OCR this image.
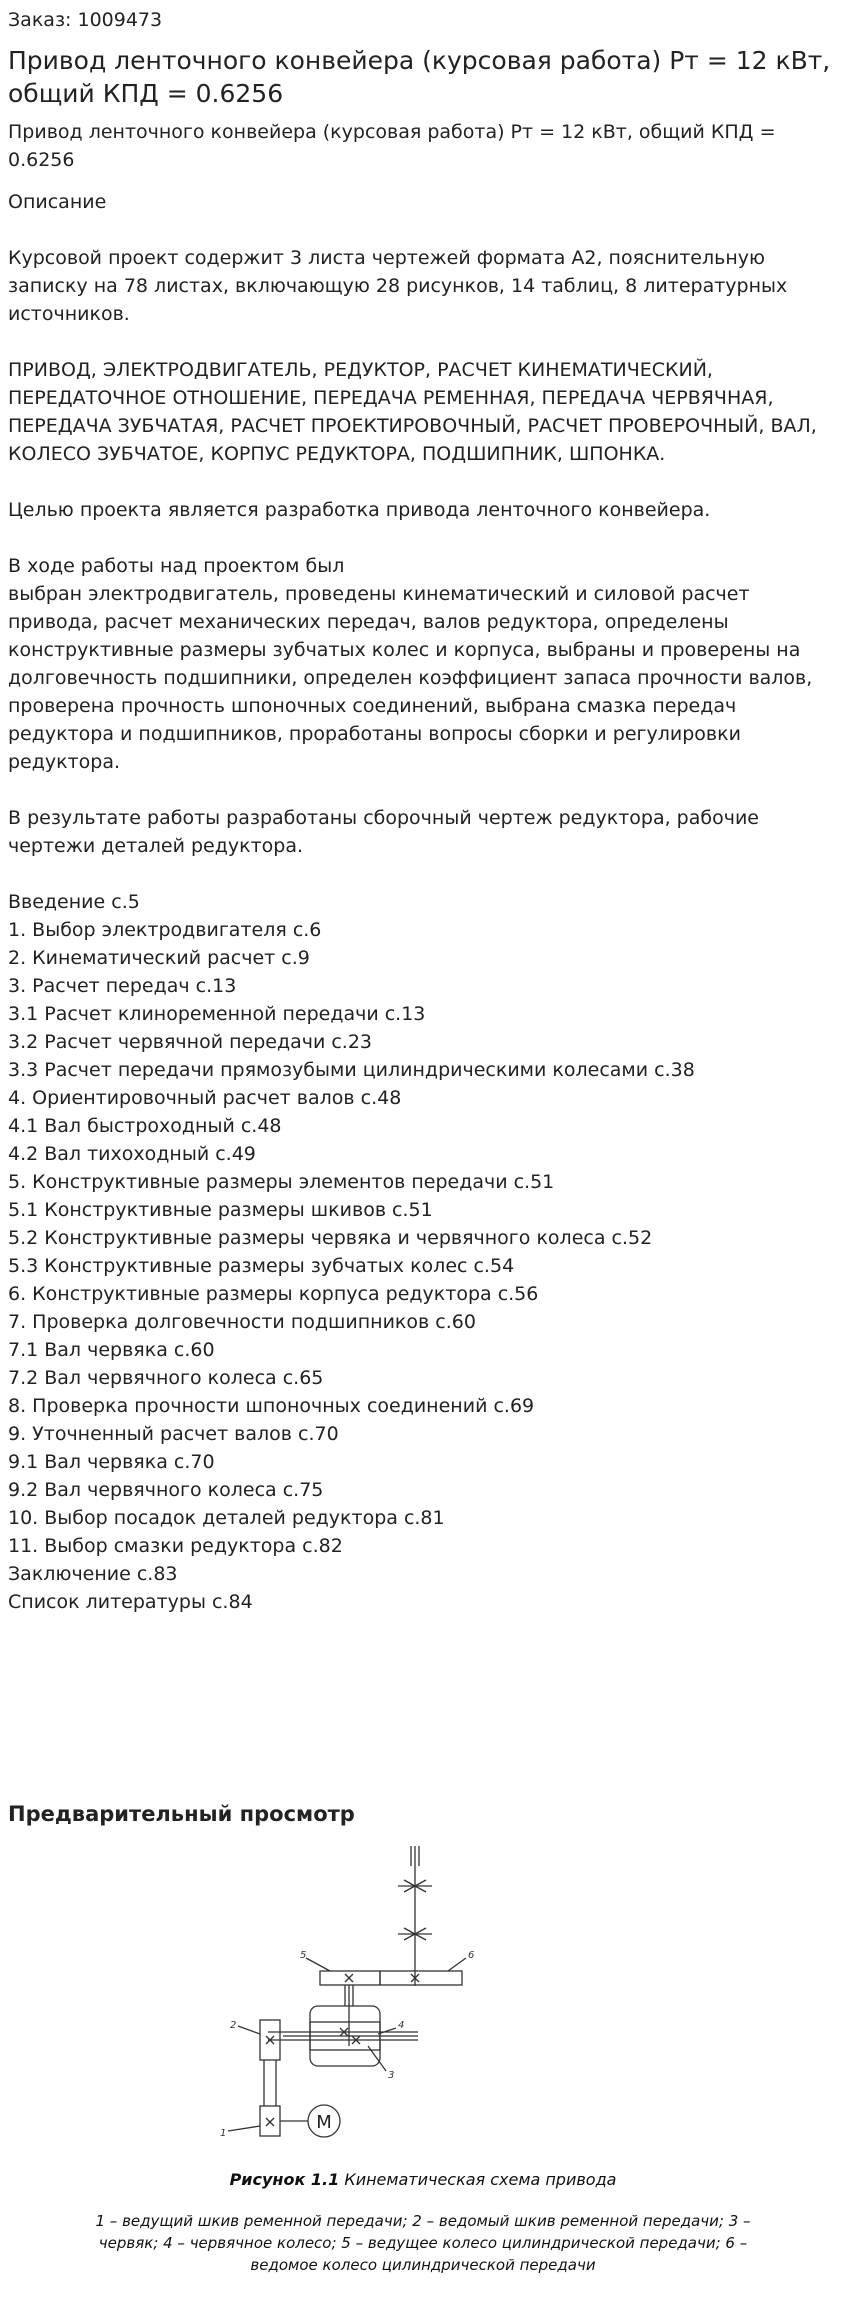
Заказ: 1009473
Привод ленточного конвейера (курсовая работа) Рт = 12 кВт, общий КПД = 0.6256
Привод ленточного конвейера (курсовая работа) Рт = 12 кВт, общий КПД = 0.6256
Описание

Курсовой проект содержит 3 листа чертежей формата А2, пояснительную записку на 78 листах, включающую 28 рисунков, 14 таблиц, 8 литературных источников.

ПРИВОД, ЭЛЕКТРОДВИГАТЕЛЬ, РЕДУКТОР, РАСЧЕТ КИНЕМАТИЧЕСКИЙ, ПЕРЕДАТОЧНОЕ ОТНОШЕНИЕ, ПЕРЕДАЧА РЕМЕННАЯ, ПЕРЕДАЧА ЧЕРВЯЧНАЯ, ПЕРЕДАЧА ЗУБЧАТАЯ, РАСЧЕТ ПРОЕКТИРОВОЧНЫЙ, РАСЧЕТ ПРОВЕРОЧНЫЙ, ВАЛ, КОЛЕСО ЗУБЧАТОЕ, КОРПУС РЕДУКТОРА, ПОДШИПНИК, ШПОНКА.

Целью проекта является разработка привода ленточного конвейера.

В ходе работы над проектом был
выбран электродвигатель, проведены кинематический и силовой расчет привода, расчет механических передач, валов редуктора, определены конструктивные размеры зубчатых колес и корпуса, выбраны и проверены на долговечность подшипники, определен коэффициент запаса прочности валов, проверена прочность шпоночных соединений, выбрана смазка передач редуктора и подшипников, проработаны вопросы сборки и регулировки редуктора.

В результате работы разработаны сборочный чертеж редуктора, рабочие чертежи деталей редуктора.

Введение с.5
1. Выбор электродвигателя с.6
2. Кинематический расчет с.9
3. Расчет передач с.13
3.1 Расчет клиноременной передачи с.13
3.2 Расчет червячной передачи с.23
3.3 Расчет передачи прямозубыми цилиндрическими колесами с.38
4. Ориентировочный расчет валов с.48
4.1 Вал быстроходный с.48
4.2 Вал тихоходный с.49
5. Конструктивные размеры элементов передачи с.51
5.1 Конструктивные размеры шкивов с.51
5.2 Конструктивные размеры червяка и червячного колеса с.52
5.3 Конструктивные размеры зубчатых колес с.54
6. Конструктивные размеры корпуса редуктора с.56
7. Проверка долговечности подшипников с.60
7.1 Вал червяка с.60
7.2 Вал червячного колеса с.65
8. Проверка прочности шпоночных соединений с.69
9. Уточненный расчет валов с.70
9.1 Вал червяка с.70
9.2 Вал червячного колеса с.75
10. Выбор посадок деталей редуктора с.81
11. Выбор смазки редуктора с.82
Заключение с.83
Список литературы с.84
Предварительный просмотр
M
1
2
3
4
5	6
Рисунок 1.1 Кинематическая схема привода
1 – ведущий шкив ременной передачи; 2 – ведомый шкив ременной передачи; 3 –
червяк; 4 – червячное колесо; 5 – ведущее колесо цилиндрической передачи; 6 –
ведомое колесо цилиндрической передачи
